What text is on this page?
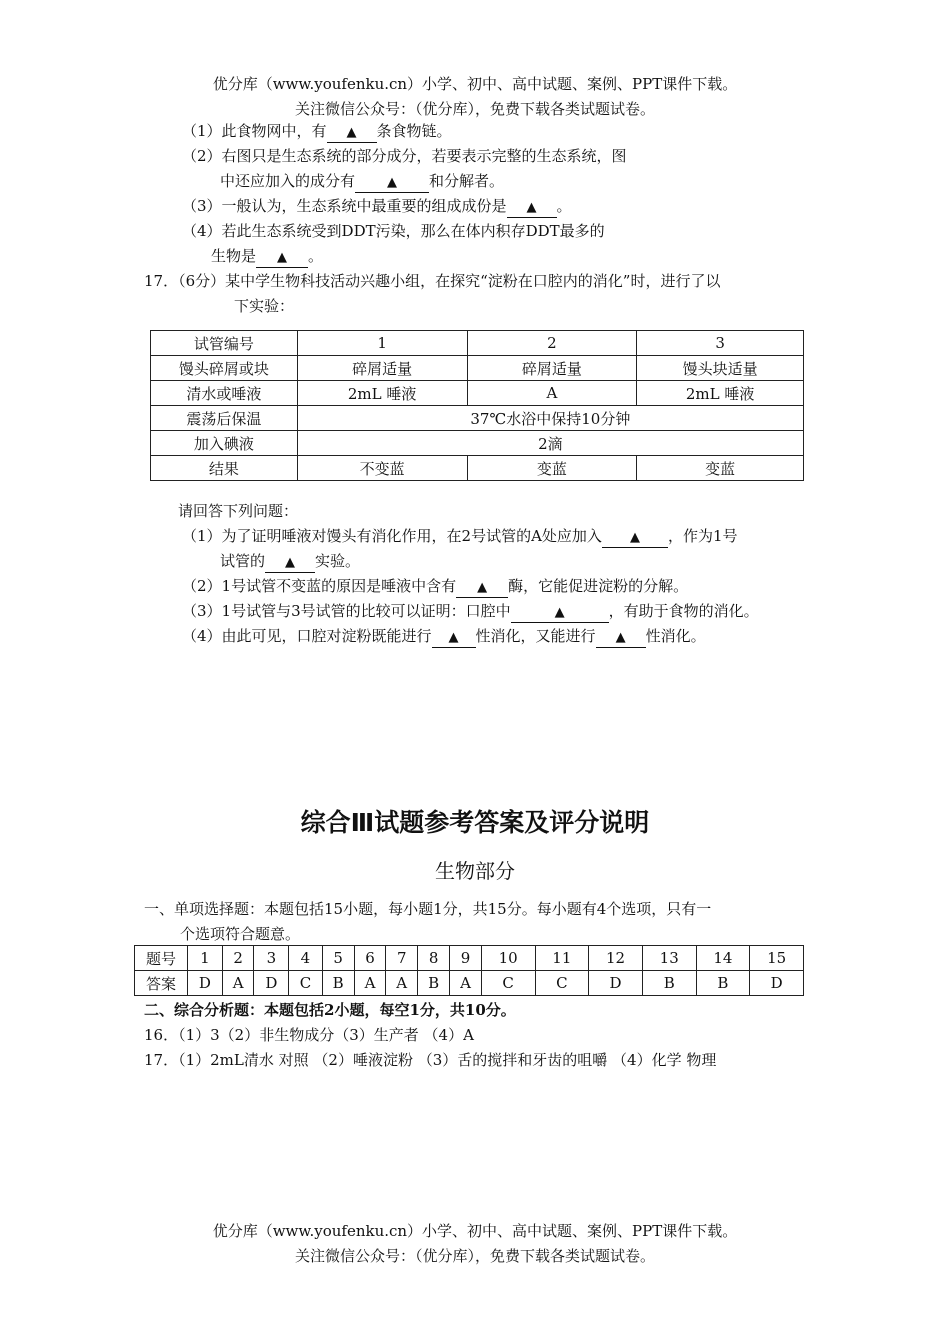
优分库（www.youfenku.cn）小学、初中、高中试题、案例、PPT课件下载。
关注微信公众号：（优分库），免费下载各类试题试卷。
（1）此食物网中，有 ▲ 条食物链。
（2）右图只是生态系统的部分成分，若要表示完整的生态系统，图
中还应加入的成分有 ▲ 和分解者。
（3）一般认为，生态系统中最重要的组成成份是 ▲ 。
（4）若此生态系统受到DDT污染，那么在体内积存DDT最多的
生物是 ▲ 。
17．（6分）某中学生物科技活动兴趣小组，在探究“淀粉在口腔内的消化”时，进行了以
下实验：
试管编号	1	2	3
馒头碎屑或块	碎屑适量	碎屑适量	馒头块适量
清水或唾液	2mL 唾液	A	2mL 唾液
震荡后保温	37℃水浴中保持10分钟		
加入碘液	2滴		
结果	不变蓝	变蓝	变蓝
请回答下列问题：
（1）为了证明唾液对馒头有消化作用，在2号试管的A处应加入 ▲ ，作为1号
试管的 ▲ 实验。
（2）1号试管不变蓝的原因是唾液中含有 ▲ 酶，它能促进淀粉的分解。
（3）1号试管与3号试管的比较可以证明：口腔中	▲	，有助于食物的消化。
（4）由此可见，口腔对淀粉既能进行 ▲ 性消化，又能进行 ▲ 性消化。
综合Ⅲ试题参考答案及评分说明
生物部分
一、单项选择题：本题包括15小题，每小题1分，共15分。每小题有4个选项，只有一
个选项符合题意。
题号	1	2	3	4	5	6	7	8	9	10	11	12	13	14	15
答案	D	A	D	C	B	A	A	B	A	C	C	D	B	B	D
二、综合分析题：本题包括2小题，每空1分，共10分。
16．（1）3（2）非生物成分（3）生产者 （4）A
17．（1）2mL清水 对照 （2）唾液淀粉 （3）舌的搅拌和牙齿的咀嚼 （4）化学 物理
优分库（www.youfenku.cn）小学、初中、高中试题、案例、PPT课件下载。
关注微信公众号：（优分库），免费下载各类试题试卷。
